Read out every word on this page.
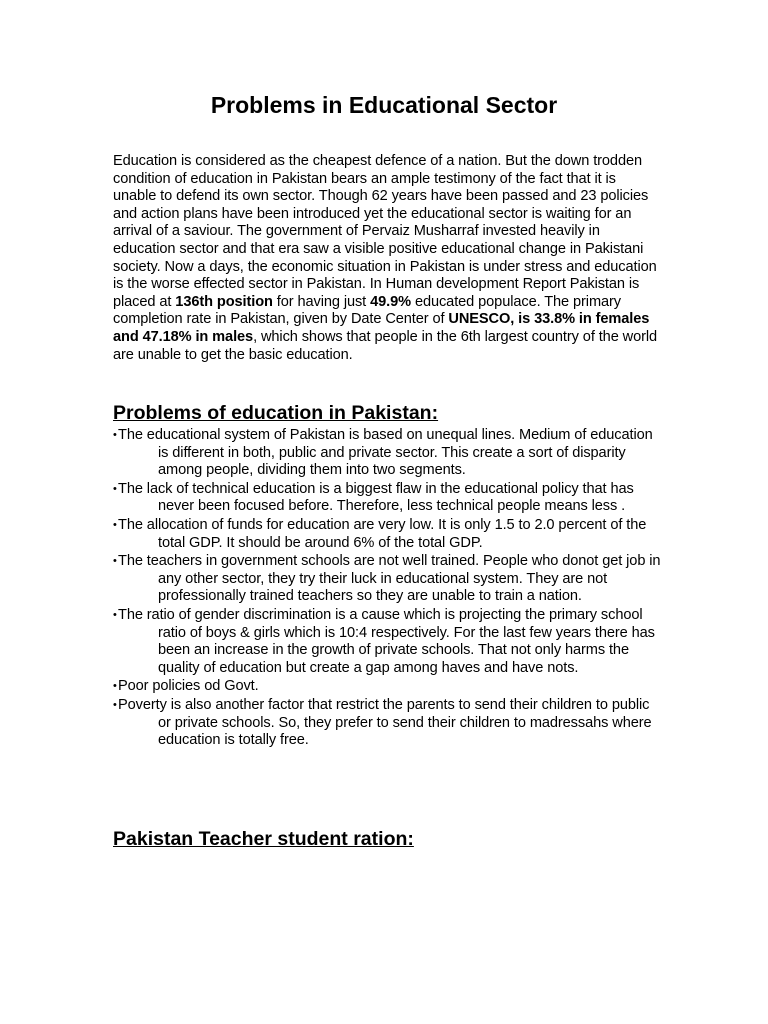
Problems in Educational Sector

Education is considered as the cheapest defence of a nation. But the down trodden condition of education in Pakistan bears an ample testimony of the fact that it is unable to defend its own sector. Though 62 years have been passed and 23 policies and action plans have been introduced yet the educational sector is waiting for an arrival of a saviour. The government of Pervaiz Musharraf invested heavily in education sector and that era saw a visible positive educational change in Pakistani society. Now a days, the economic situation in Pakistan is under stress and education is the worse effected sector in Pakistan. In Human development Report Pakistan is placed at 136th position for having just 49.9% educated populace. The primary completion rate in Pakistan, given by Date Center of UNESCO, is 33.8% in females and 47.18% in males, which shows that people in the 6th largest country of the world are unable to get the basic education.

Problems of education in Pakistan:
•The educational system of Pakistan is based on unequal lines. Medium of education is different in both, public and private sector. This create a sort of disparity among people, dividing them into two segments.
•The lack of technical education is a biggest flaw in the educational policy that has never been focused before. Therefore, less technical people means less .
•The allocation of funds for education are very low. It is only 1.5 to 2.0 percent of the total GDP. It should be around 6% of the total GDP.
•The teachers in government schools are not well trained. People who donot get job in any other sector, they try their luck in educational system. They are not professionally trained teachers so they are unable to train a nation.
•The ratio of gender discrimination is a cause which is projecting the primary school ratio of boys & girls which is 10:4 respectively. For the last few years there has been an increase in the growth of private schools. That not only harms the quality of education but create a gap among haves and have nots.
•Poor policies od Govt.
•Poverty is also another factor that restrict the parents to send their children to public or private schools. So, they prefer to send their children to madressahs where education is totally free.
Pakistan Teacher student ration:
